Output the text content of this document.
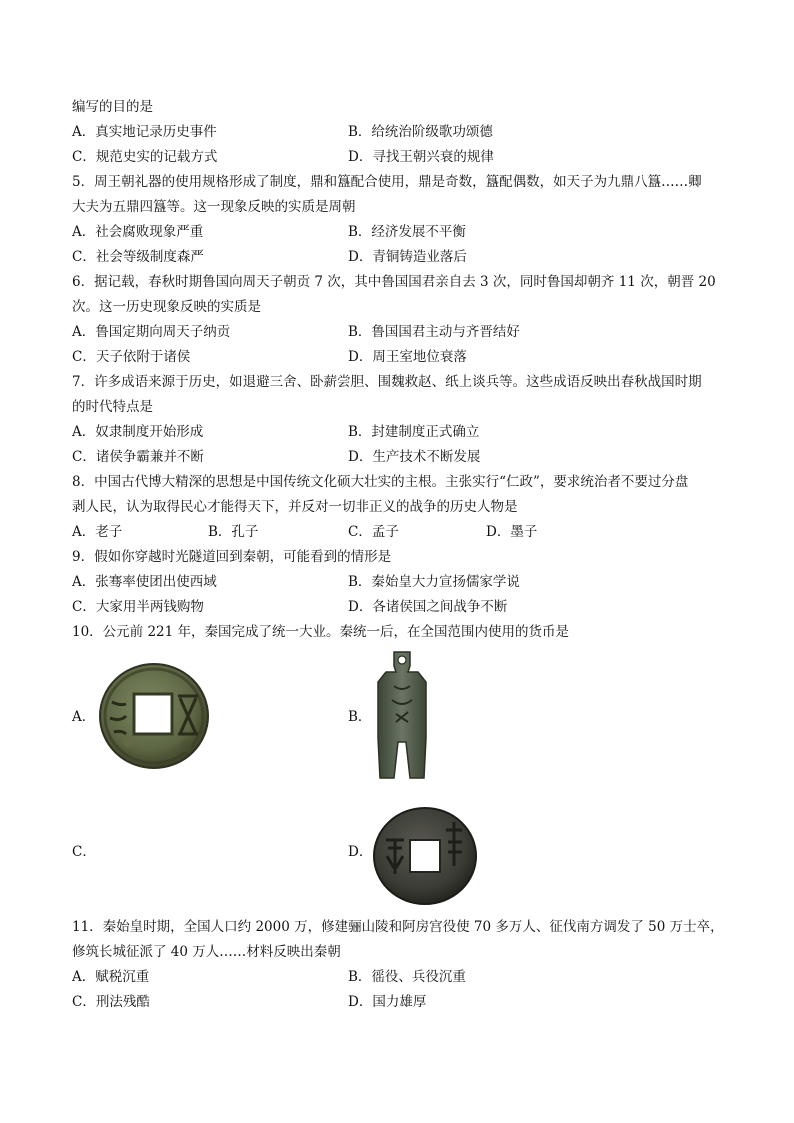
编写的目的是
A．真实地记录历史事件	B．给统治阶级歌功颂德
C．规范史实的记载方式	D．寻找王朝兴衰的规律
5．周王朝礼器的使用规格形成了制度，鼎和簋配合使用，鼎是奇数，簋配偶数，如天子为九鼎八簋……卿
大夫为五鼎四簋等。这一现象反映的实质是周朝
A．社会腐败现象严重	B．经济发展不平衡
C．社会等级制度森严	D．青铜铸造业落后
6．据记载，春秋时期鲁国向周天子朝贡 7 次，其中鲁国国君亲自去 3 次，同时鲁国却朝齐 11 次，朝晋 20
次。这一历史现象反映的实质是
A．鲁国定期向周天子纳贡	B．鲁国国君主动与齐晋结好
C．天子依附于诸侯	D．周王室地位衰落
7．许多成语来源于历史，如退避三舍、卧薪尝胆、围魏救赵、纸上谈兵等。这些成语反映出春秋战国时期
的时代特点是
A．奴隶制度开始形成	B．封建制度正式确立
C．诸侯争霸兼并不断	D．生产技术不断发展
8．中国古代博大精深的思想是中国传统文化硕大壮实的主根。主张实行“仁政”，要求统治者不要过分盘
剥人民，认为取得民心才能得天下，并反对一切非正义的战争的历史人物是
A．老子	B．孔子	C．孟子	D．墨子
9．假如你穿越时光隧道回到秦朝，可能看到的情形是
A．张骞率使团出使西域	B．秦始皇大力宣扬儒家学说
C．大家用半两钱购物	D．各诸侯国之间战争不断
10．公元前 221 年，秦国完成了统一大业。秦统一后，在全国范围内使用的货币是
A．	B．
C．	D．
11．秦始皇时期，全国人口约 2000 万，修建骊山陵和阿房宫役使 70 多万人、征伐南方调发了 50 万士卒，
修筑长城征派了 40 万人……材料反映出秦朝
A．赋税沉重	B．徭役、兵役沉重
C．刑法残酷	D．国力雄厚
